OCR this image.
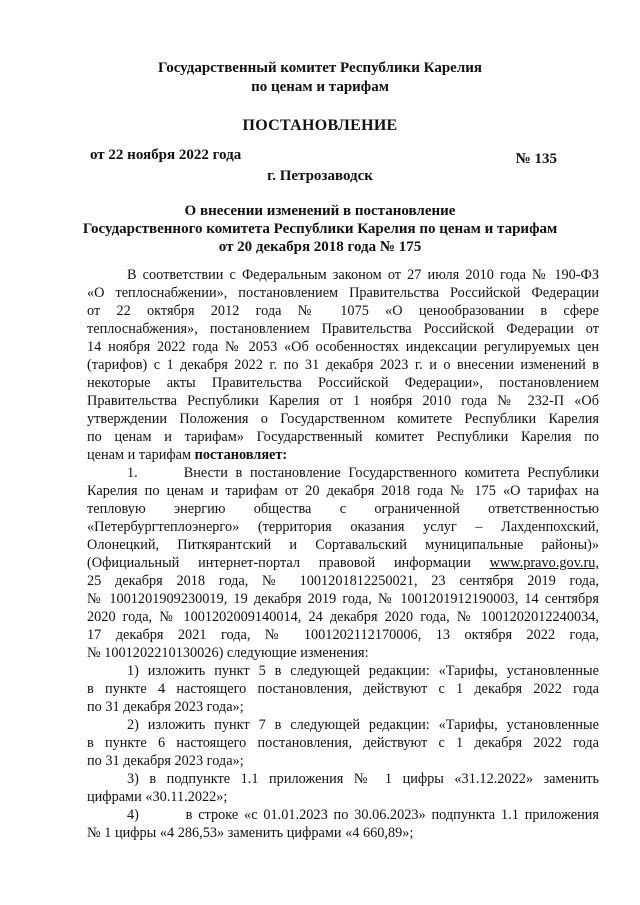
Государственный комитет Республики Карелия
по ценам и тарифам
ПОСТАНОВЛЕНИЕ
от 22 ноября 2022 года	№ 135
г. Петрозаводск
О внесении изменений в постановление
Государственного комитета Республики Карелия по ценам и тарифам
от 20 декабря 2018 года № 175

В соответствии с Федеральным законом от 27 июля 2010 года № 190-ФЗ
«О теплоснабжении», постановлением Правительства Российской Федерации
от 22 октября 2012 года № 1075 «О ценообразовании в сфере
теплоснабжения», постановлением Правительства Российской Федерации от
14 ноября 2022 года № 2053 «Об особенностях индексации регулируемых цен
(тарифов) с 1 декабря 2022 г. по 31 декабря 2023 г. и о внесении изменений в
некоторые акты Правительства Российской Федерации», постановлением
Правительства Республики Карелия от 1 ноября 2010 года № 232-П «Об
утверждении Положения о Государственном комитете Республики Карелия
по ценам и тарифам» Государственный комитет Республики Карелия по
ценам и тарифам постановляет:

1.      Внести в постановление Государственного комитета Республики
Карелия по ценам и тарифам от 20 декабря 2018 года № 175 «О тарифах на
тепловую энергию общества с ограниченной ответственностью
«Петербургтеплоэнерго» (территория оказания услуг – Лахденпохский,
Олонецкий, Питкярантский и Сортавальский муниципальные районы)»
(Официальный интернет-портал правовой информации www.pravo.gov.ru,
25 декабря 2018 года, № 1001201812250021, 23 сентября 2019 года,
№ 1001201909230019, 19 декабря 2019 года, № 1001201912190003, 14 сентября
2020 года, № 1001202009140014, 24 декабря 2020 года, № 1001202012240034,
17 декабря 2021 года, № 1001202112170006, 13 октября 2022 года,
№ 1001202210130026) следующие изменения:

1) изложить пункт 5 в следующей редакции: «Тарифы, установленные
в пункте 4 настоящего постановления, действуют с 1 декабря 2022 года
по 31 декабря 2023 года»;

2) изложить пункт 7 в следующей редакции: «Тарифы, установленные
в пункте 6 настоящего постановления, действуют с 1 декабря 2022 года
по 31 декабря 2023 года»;

3) в подпункте 1.1 приложения № 1 цифры «31.12.2022» заменить
цифрами «30.11.2022»;

4)        в строке «с 01.01.2023 по 30.06.2023» подпункта 1.1 приложения
№ 1 цифры «4 286,53» заменить цифрами «4 660,89»;
